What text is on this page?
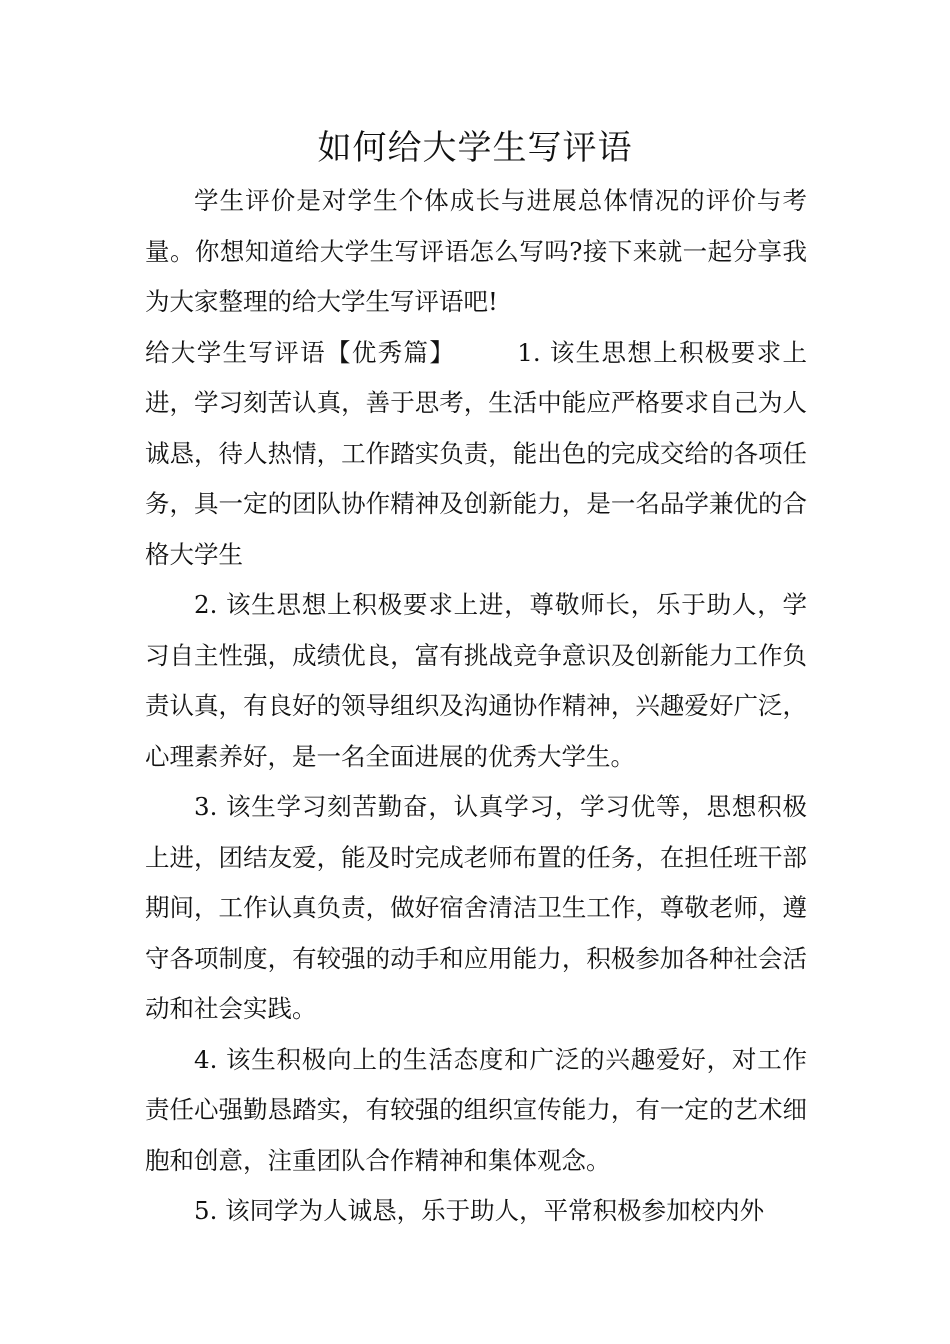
如何给大学生写评语

学生评价是对学生个体成长与进展总体情况的评价与考量。你想知道给大学生写评语怎么写吗?接下来就一起分享我为大家整理的给大学生写评语吧!

给大学生写评语【优秀篇】	1. 该生思想上积极要求上进，学习刻苦认真，善于思考，生活中能应严格要求自己为人诚恳，待人热情，工作踏实负责，能出色的完成交给的各项任务，具一定的团队协作精神及创新能力，是一名品学兼优的合格大学生

2. 该生思想上积极要求上进，尊敬师长，乐于助人，学习自主性强，成绩优良，富有挑战竞争意识及创新能力工作负责认真，有良好的领导组织及沟通协作精神，兴趣爱好广泛，心理素养好，是一名全面进展的优秀大学生。

3. 该生学习刻苦勤奋，认真学习，学习优等，思想积极上进，团结友爱，能及时完成老师布置的任务，在担任班干部期间，工作认真负责，做好宿舍清洁卫生工作，尊敬老师，遵守各项制度，有较强的动手和应用能力，积极参加各种社会活动和社会实践。

4. 该生积极向上的生活态度和广泛的兴趣爱好，对工作责任心强勤恳踏实，有较强的组织宣传能力，有一定的艺术细胞和创意，注重团队合作精神和集体观念。

5. 该同学为人诚恳，乐于助人，平常积极参加校内外
